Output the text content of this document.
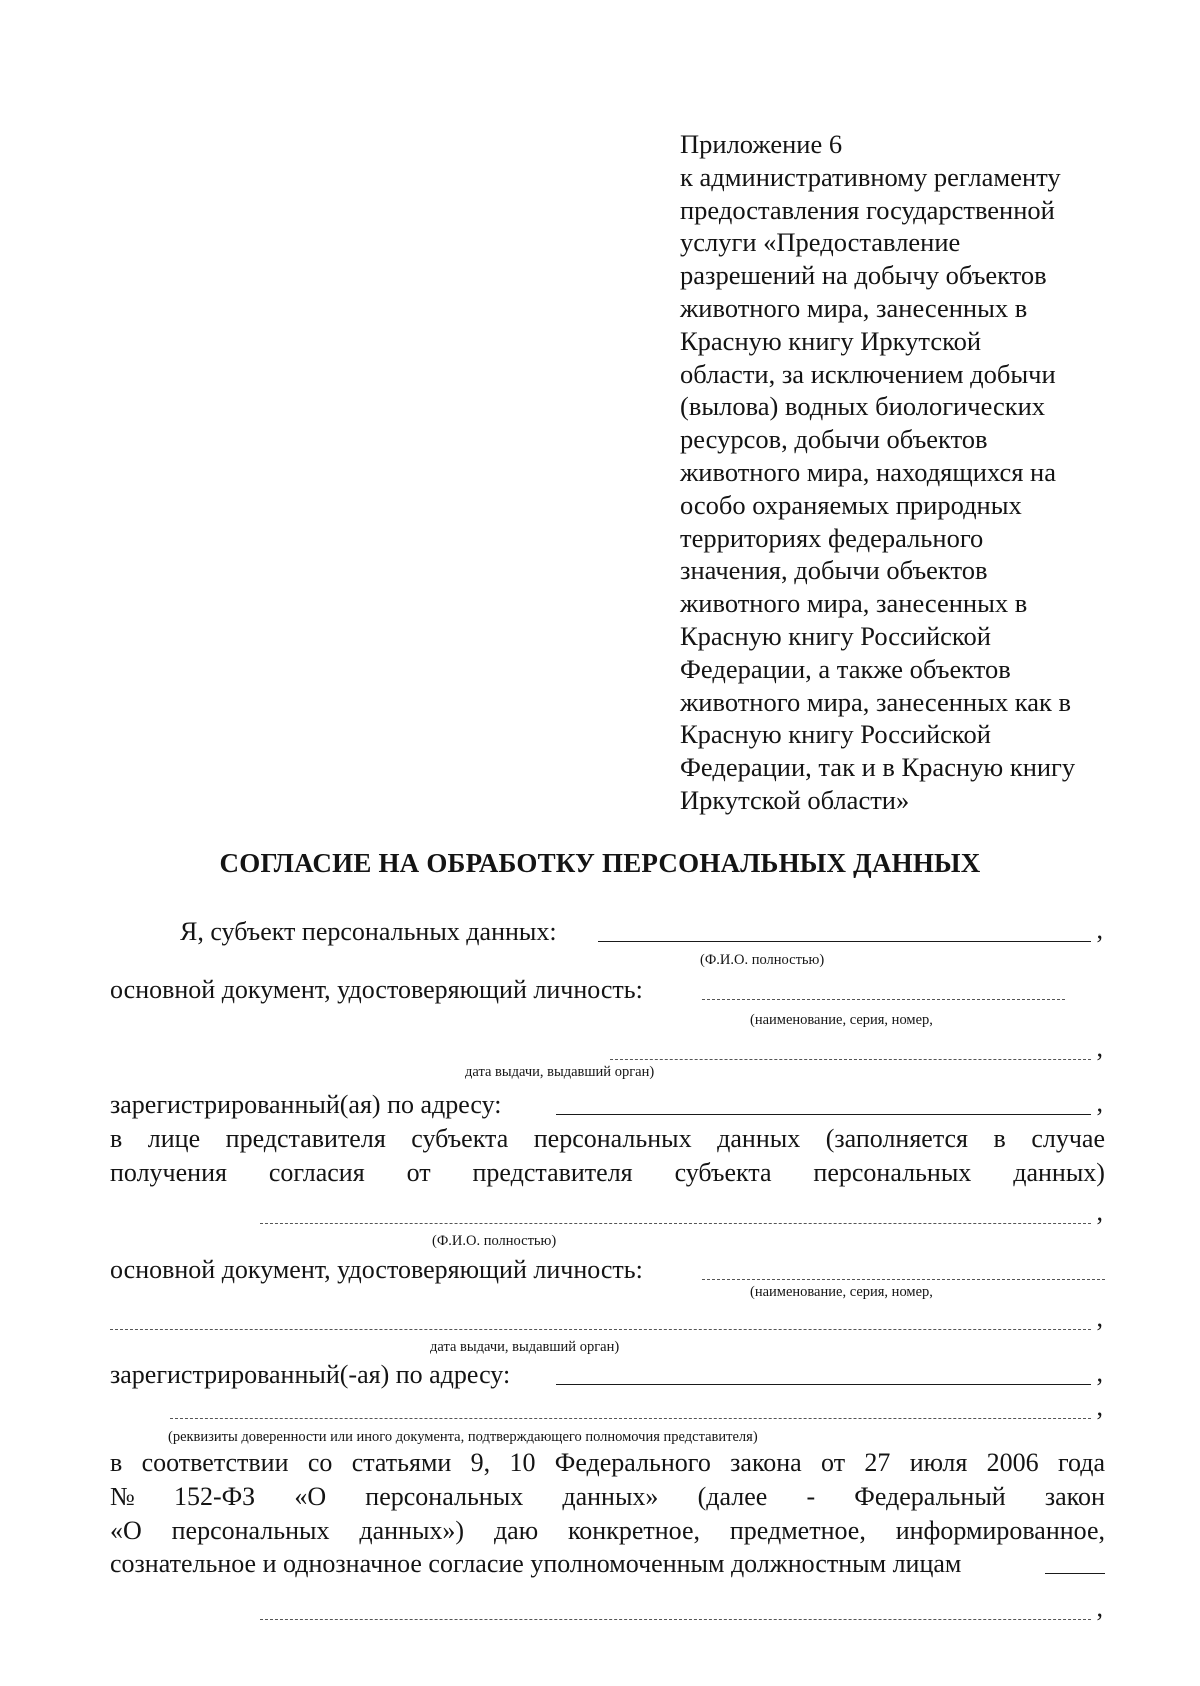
Приложение 6
к административному регламенту
предоставления государственной
услуги «Предоставление
разрешений на добычу объектов
животного мира, занесенных в
Красную книгу Иркутской
области, за исключением добычи
(вылова) водных биологических
ресурсов, добычи объектов
животного мира, находящихся на
особо охраняемых природных
территориях федерального
значения, добычи объектов
животного мира, занесенных в
Красную книгу Российской
Федерации, а также объектов
животного мира, занесенных как в
Красную книгу Российской
Федерации, так и в Красную книгу
Иркутской области»
СОГЛАСИЕ НА ОБРАБОТКУ ПЕРСОНАЛЬНЫХ ДАННЫХ
Я, субъект персональных данных:	,
(Ф.И.О. полностью)
основной документ, удостоверяющий личность:
(наименование, серия, номер,
,
дата выдачи, выдавший орган)
зарегистрированный(ая) по адресу:	,
в лице представителя субъекта персональных данных (заполняется в случае
получения согласия от представителя субъекта персональных данных)
,
(Ф.И.О. полностью)
основной документ, удостоверяющий личность:
(наименование, серия, номер,
,
дата выдачи, выдавший орган)
зарегистрированный(-ая) по адресу:	,
,
(реквизиты доверенности или иного документа, подтверждающего полномочия представителя)
в соответствии со статьями 9, 10 Федерального закона от 27 июля 2006 года
№ 152-ФЗ «О персональных данных» (далее - Федеральный закон
«О персональных данных») даю конкретное, предметное, информированное,
сознательное и однозначное согласие уполномоченным должностным лицам
,
